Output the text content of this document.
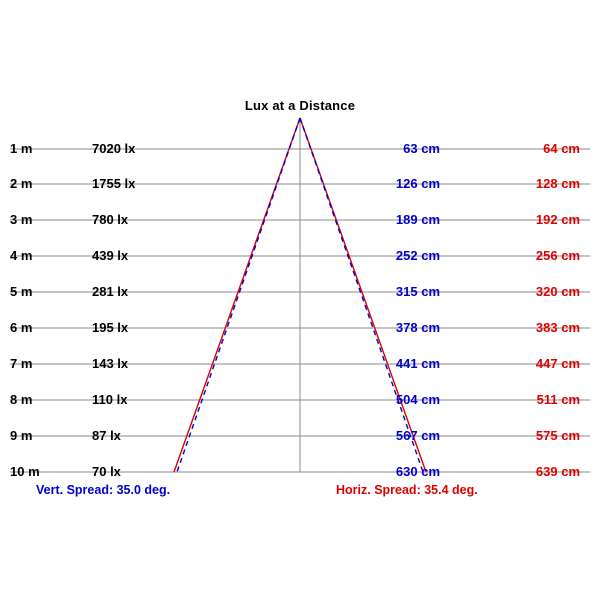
Lux at a Distance
1 m	7020 lx	63 cm	64 cm
2 m	1755 lx	126 cm	128 cm
3 m	780 lx	189 cm	192 cm
4 m	439 lx	252 cm	256 cm
5 m	281 lx	315 cm	320 cm
6 m	195 lx	378 cm	383 cm
7 m	143 lx	441 cm	447 cm
8 m	110 lx	504 cm	511 cm
9 m	87 lx	567 cm	575 cm
10 m	70 lx	630 cm	639 cm
Vert. Spread: 35.0 deg.	Horiz. Spread: 35.4 deg.
